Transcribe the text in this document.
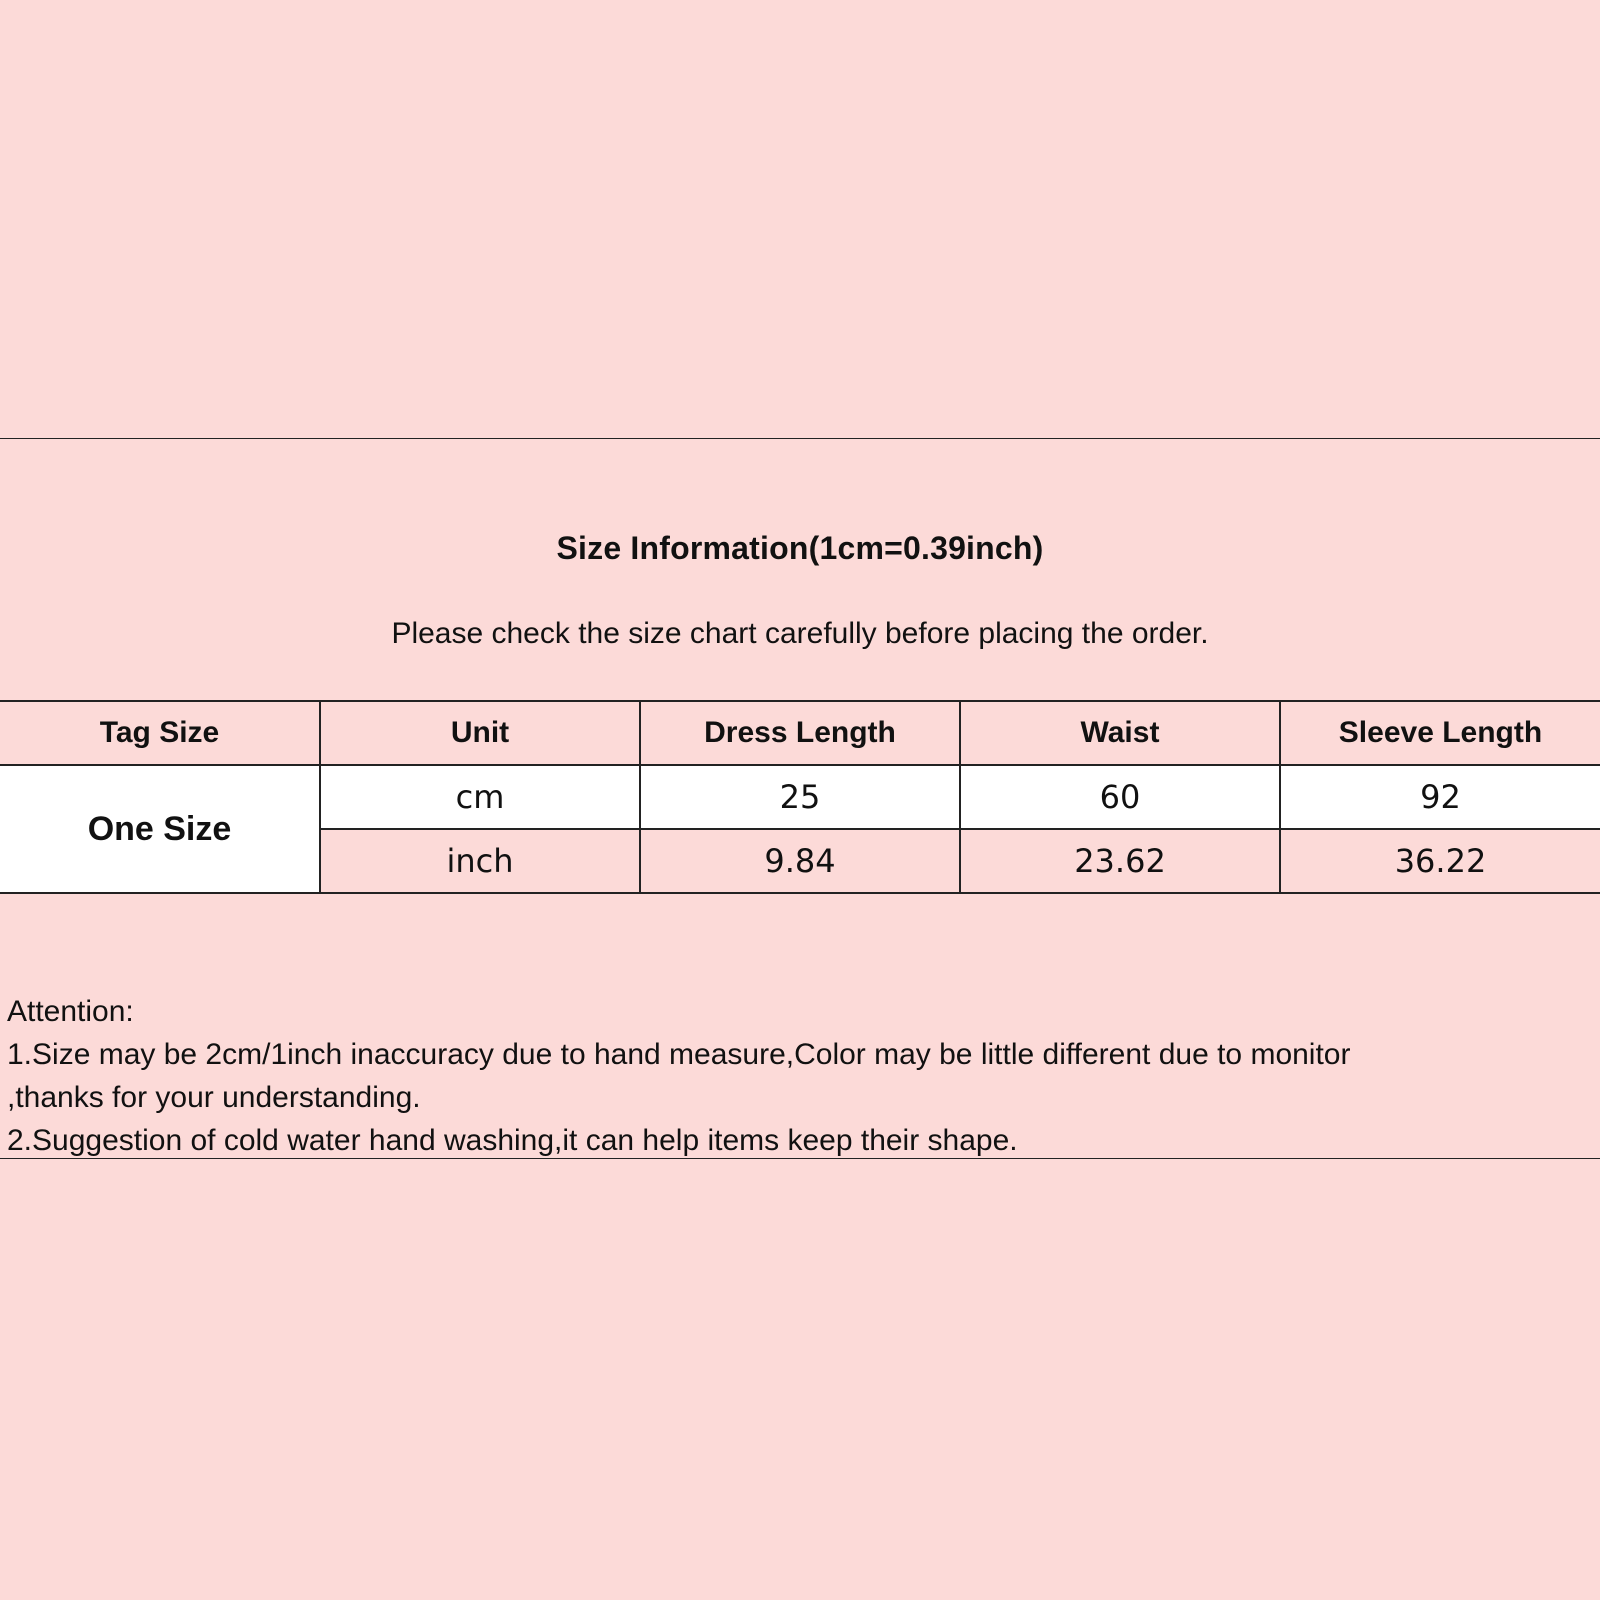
Size Information(1cm=0.39inch)
Please check the size chart carefully before placing the order.
Tag Size	Unit	Dress Length	Waist	Sleeve Length
One Size	cm	25	60	92
	inch	9.84	23.62	36.22
Attention:
1.Size may be 2cm/1inch inaccuracy due to hand measure,Color may be little different due to monitor
,thanks for your understanding.
2.Suggestion of cold water hand washing,it can help items keep their shape.
